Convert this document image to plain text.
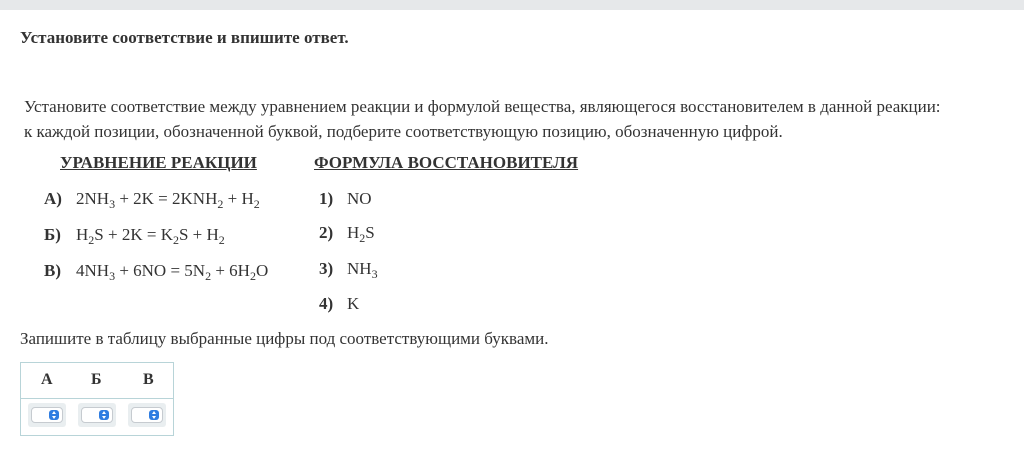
Установите соответствие и впишите ответ.
Установите соответствие между уравнением реакции и формулой вещества, являющегося восстановителем в данной реакции:
к каждой позиции, обозначенной буквой, подберите соответствующую позицию, обозначенную цифрой.
УРАВНЕНИЕ РЕАКЦИИ	ФОРМУЛА ВОССТАНОВИТЕЛЯ
А) $2NH_3 + 2K = 2KNH_2 + H_2$
Б) $H_2S + 2K = K_2S + H_2$
В) $4NH_3 + 6NO = 5N_2 + 6H_2O$
1) NO
2) $H_2S$
3) $NH_3$
4) K
Запишите в таблицу выбранные цифры под соответствующими буквами.
А Б	В
